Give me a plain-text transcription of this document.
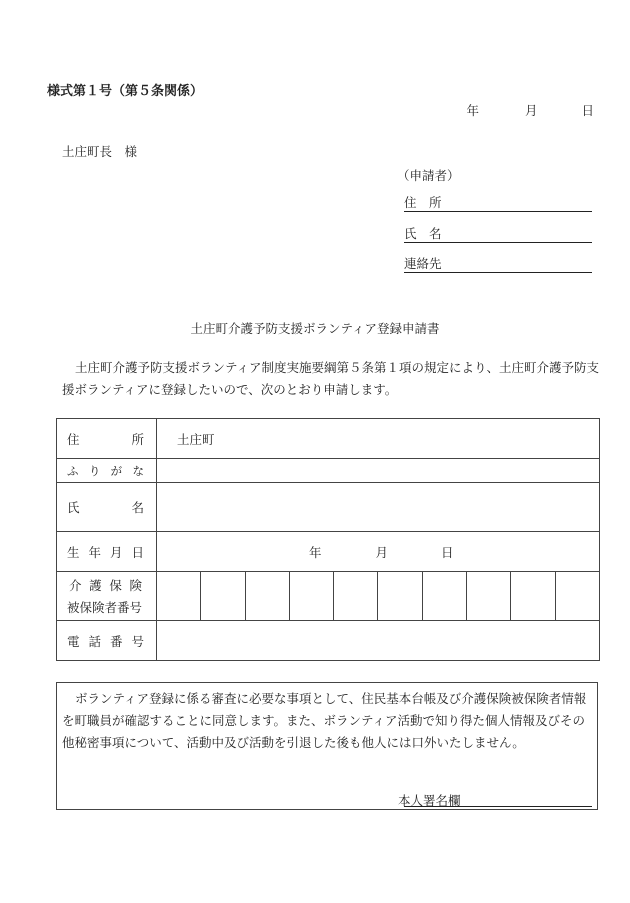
様式第１号（第５条関係）
年	月	日
土庄町長　様
（申請者）
住　所
氏　名
連絡先
土庄町介護予防支援ボランティア登録申請書
土庄町介護予防支援ボランティア制度実施要綱第５条第１項の規定により、土庄町介護予防支援ボランティアに登録したいので、次のとおり申請します。
住 所	土庄町

ふ り が な	

氏 名	

生 年 月 日	年 月 日

介 護 保 険
被保険者番号	

電 話 番 号	

ボランティア登録に係る審査に必要な事項として、住民基本台帳及び介護保険被保険者情報を町職員が確認することに同意します。また、ボランティア活動で知り得た個人情報及びその他秘密事項について、活動中及び活動を引退した後も他人には口外いたしません。
本人署名欄
